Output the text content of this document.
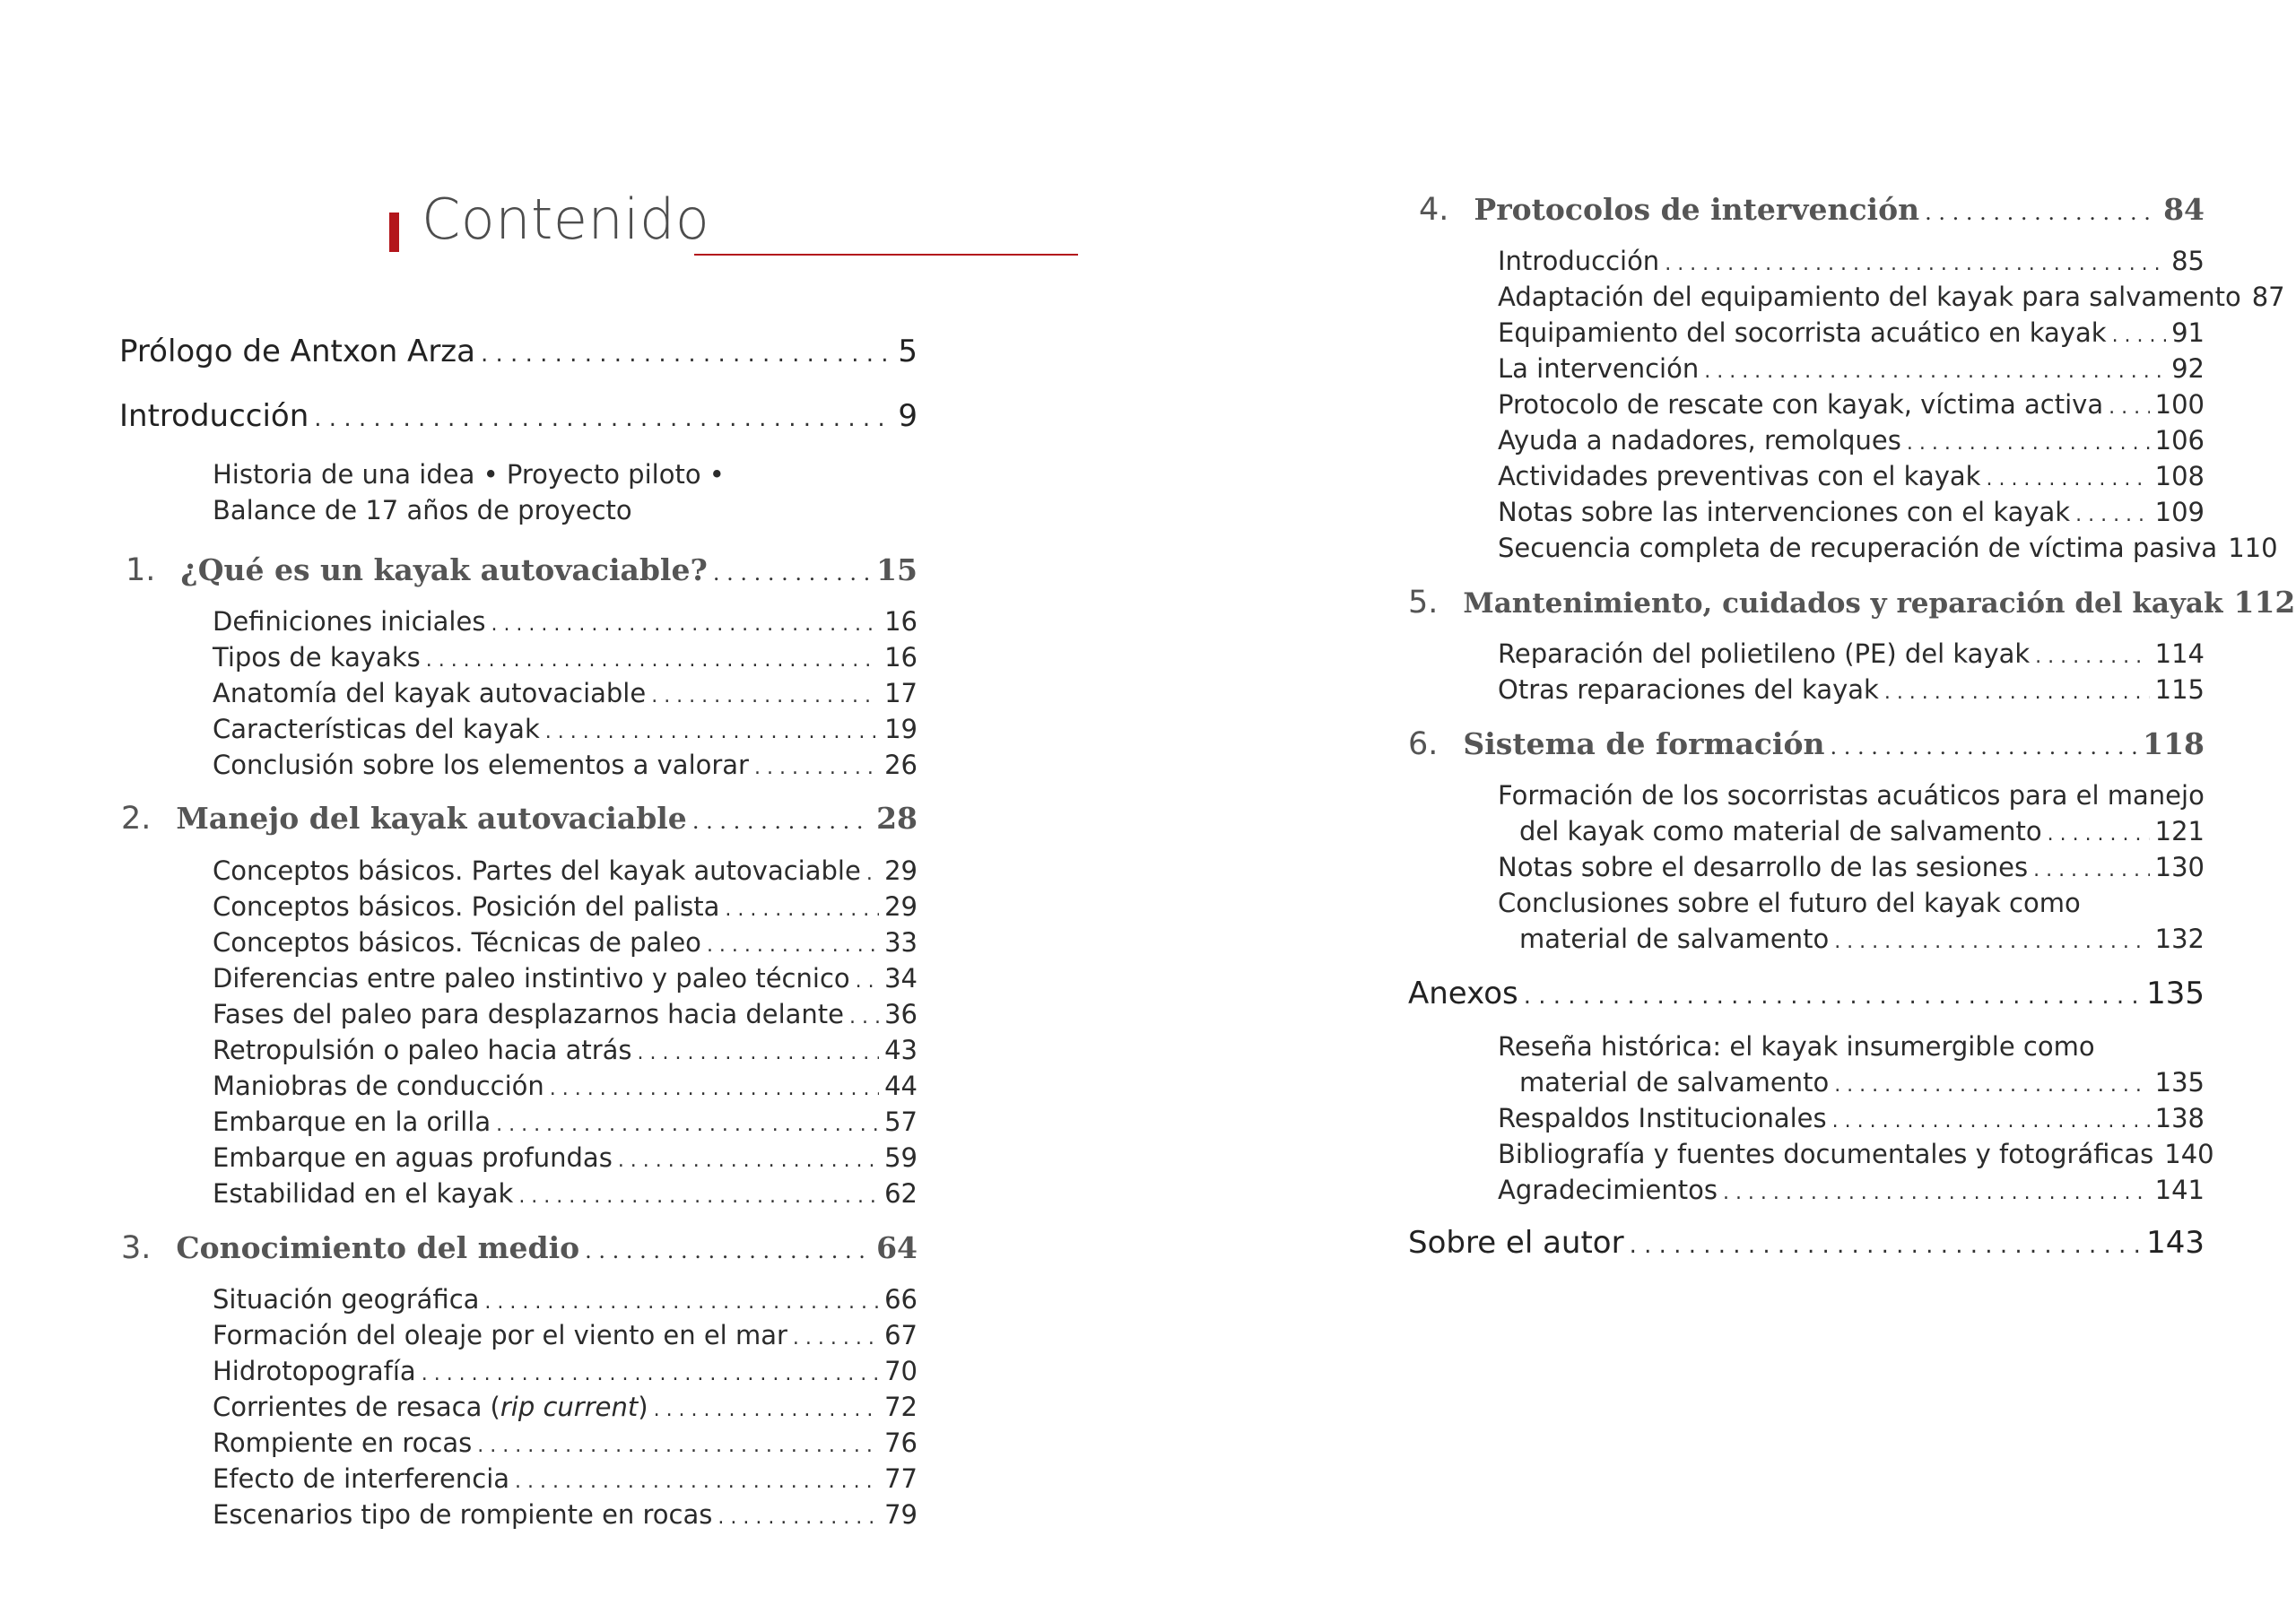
Contenido
Prólogo de Antxon Arza . . .	5
Introducción . . .	9
Historia de una idea • Proyecto piloto •
Balance de 17 años de proyecto
1. ¿Qué es un kayak autovaciable? . . .	15
Definiciones iniciales . . .	16
Tipos de kayaks . . .	16
Anatomía del kayak autovaciable . . .	17
Características del kayak . . .	19
Conclusión sobre los elementos a valorar . . .	26
2. Manejo del kayak autovaciable . . .	28
Conceptos básicos. Partes del kayak autovaciable . . . 29
Conceptos básicos. Posición del palista . . .	29
Conceptos básicos. Técnicas de paleo . . .	33
Diferencias entre paleo instintivo y paleo técnico . . . 34
Fases del paleo para desplazarnos hacia delante . . . 36
Retropulsión o paleo hacia atrás . . .	43
Maniobras de conducción . . .	44
Embarque en la orilla . . .	57
Embarque en aguas profundas . . .	59
Estabilidad en el kayak . . .	62
3. Conocimiento del medio . . .	64
Situación geográfica . . .	66
Formación del oleaje por el viento en el mar . . .	67
Hidrotopografía . . .	70
Corrientes de resaca (rip current) . . .	72
Rompiente en rocas . . .	76
Efecto de interferencia . . .	77
Escenarios tipo de rompiente en rocas . . .	79
4. Protocolos de intervención . . .	84
Introducción . . .	85
Adaptación del equipamiento del kayak para salvamento 87
Equipamiento del socorrista acuático en kayak . . .	91
La intervención . . .	92
Protocolo de rescate con kayak, víctima activa . . . 100
Ayuda a nadadores, remolques . . .	106
Actividades preventivas con el kayak . . .	108
Notas sobre las intervenciones con el kayak . . .	109
Secuencia completa de recuperación de víctima pasiva 110
5. Mantenimiento, cuidados y reparación del kayak 112
Reparación del polietileno (PE) del kayak . . .	114
Otras reparaciones del kayak . . .	115
6. Sistema de formación . . .	118
Formación de los socorristas acuáticos para el manejo
del kayak como material de salvamento . . .	121
Notas sobre el desarrollo de las sesiones . . .	130
Conclusiones sobre el futuro del kayak como
material de salvamento . . .	132
Anexos . . .	135
Reseña histórica: el kayak insumergible como
material de salvamento . . .	135
Respaldos Institucionales . . .	138
Bibliografía y fuentes documentales y fotográficas 140
Agradecimientos . . .	141
Sobre el autor . . .	143
